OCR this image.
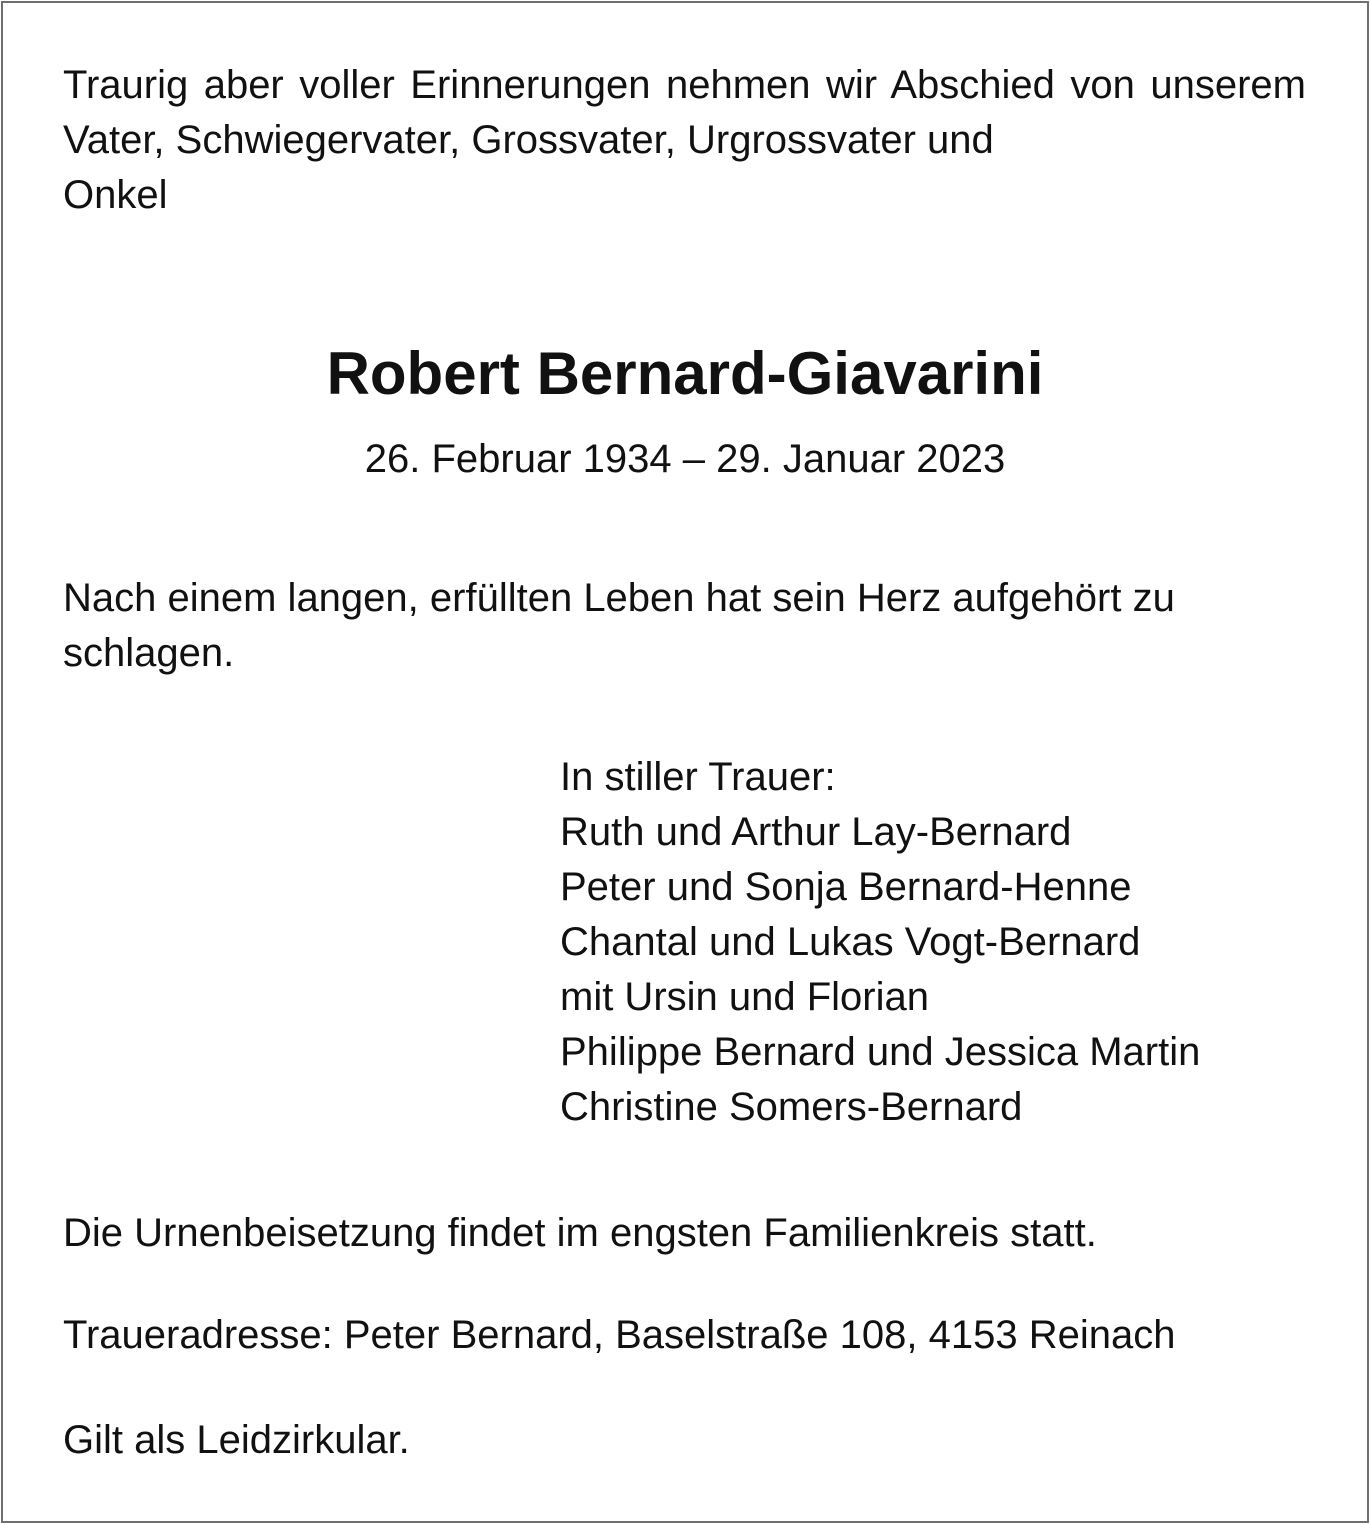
Traurig aber voller Erinnerungen nehmen wir Abschied von unserem Vater, Schwiegervater, Grossvater, Urgrossvater und
Onkel

Robert Bernard-Giavarini

26. Februar 1934 – 29. Januar 2023

Nach einem langen, erfüllten Leben hat sein Herz aufgehört zu
schlagen.

In stiller Trauer:
Ruth und Arthur Lay-Bernard
Peter und Sonja Bernard-Henne
Chantal und Lukas Vogt-Bernard
mit Ursin und Florian
Philippe Bernard und Jessica Martin
Christine Somers-Bernard

Die Urnenbeisetzung findet im engsten Familienkreis statt.

Traueradresse: Peter Bernard, Baselstraße 108, 4153 Reinach

Gilt als Leidzirkular.
